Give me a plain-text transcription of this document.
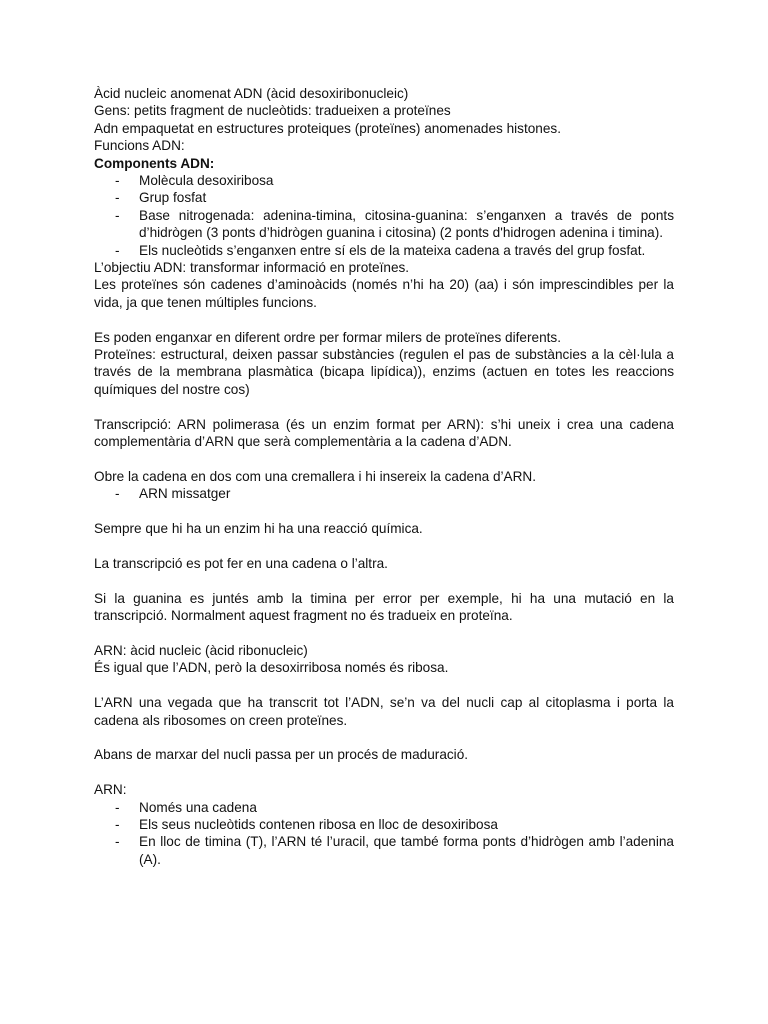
Àcid nucleic anomenat ADN (àcid desoxiribonucleic)

Gens: petits fragment de nucleòtids: tradueixen a proteïnes

Adn empaquetat en estructures proteiques (proteïnes) anomenades histones.

Funcions ADN:

Components ADN:

- Molècula desoxiribosa
- Grup fosfat
- Base nitrogenada: adenina-timina, citosina-guanina: s’enganxen a través de ponts d’hidrògen (3 ponts d’hidrògen guanina i citosina) (2 ponts d'hidrogen adenina i timina).
- Els nucleòtids s’enganxen entre sí els de la mateixa cadena a través del grup fosfat.

L’objectiu ADN: transformar informació en proteïnes.

Les proteïnes són cadenes d’aminoàcids (només n’hi ha 20) (aa) i són imprescindibles per la vida, ja que tenen múltiples funcions.

Es poden enganxar en diferent ordre per formar milers de proteïnes diferents.

Proteïnes: estructural, deixen passar substàncies (regulen el pas de substàncies a la cèl·lula a través de la membrana plasmàtica (bicapa lipídica)), enzims (actuen en totes les reaccions químiques del nostre cos)

Transcripció: ARN polimerasa (és un enzim format per ARN): s’hi uneix i crea una cadena complementària d’ARN que serà complementària a la cadena d’ADN.

Obre la cadena en dos com una cremallera i hi insereix la cadena d’ARN.

- ARN missatger

Sempre que hi ha un enzim hi ha una reacció química.

La transcripció es pot fer en una cadena o l’altra.

Si la guanina es juntés amb la timina per error per exemple, hi ha una mutació en la transcripció. Normalment aquest fragment no és tradueix en proteïna.

ARN: àcid nucleic (àcid ribonucleic)

És igual que l’ADN, però la desoxirribosa només és ribosa.

L’ARN una vegada que ha transcrit tot l’ADN, se’n va del nucli cap al citoplasma i porta la cadena als ribosomes on creen proteïnes.

Abans de marxar del nucli passa per un procés de maduració.

ARN:

- Només una cadena
- Els seus nucleòtids contenen ribosa en lloc de desoxiribosa
- En lloc de timina (T), l’ARN té l’uracil, que també forma ponts d’hidrògen amb l’adenina (A).
